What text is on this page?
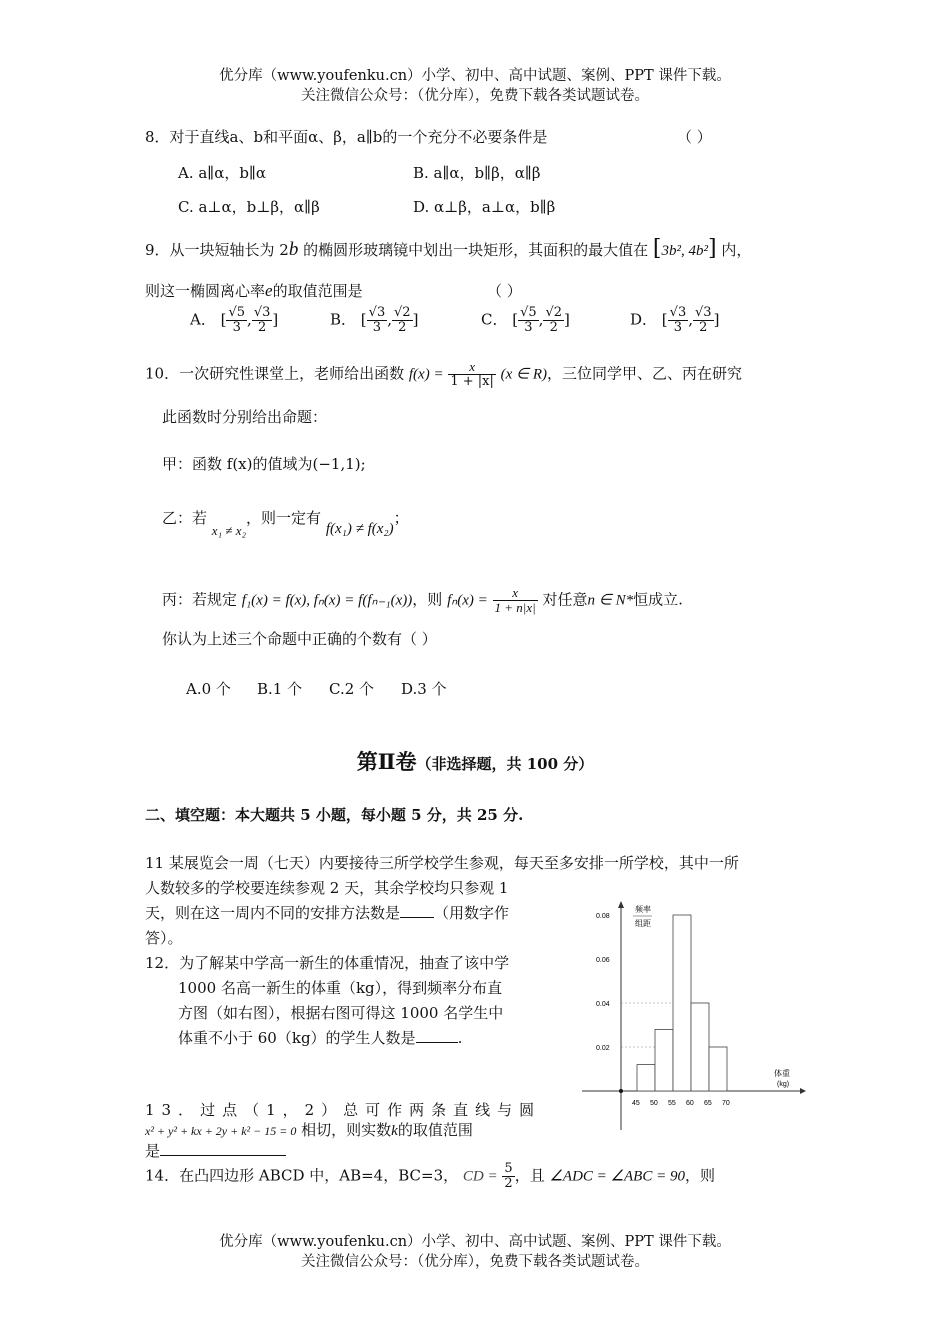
优分库（www.youfenku.cn）小学、初中、高中试题、案例、PPT 课件下载。
关注微信公众号：（优分库），免费下载各类试题试卷。
8．对于直线a、b和平面α、β，a∥b的一个充分不必要条件是	（ ）
A. a∥α，b∥α	B. a∥α，b∥β，α∥β
C. a⊥α，b⊥β，α∥β	D. α⊥β，a⊥α，b∥β
9．从一块短轴长为 2b 的椭圆形玻璃镜中划出一块矩形，其面积的最大值在 [3b², 4b²] 内，
则这一椭圆离心率e的取值范围是	（ ）
A． [ $\frac{√5}{3}$ , $\frac{√3}{2}$ ]	B． [ $\frac{√3}{3}$ , $\frac{√2}{2}$ ]	C． [ $\frac{√5}{3}$ , $\frac{√2}{2}$ ]	D． [ $\frac{√3}{3}$ , $\frac{√3}{2}$ ]
10．一次研究性课堂上，老师给出函数 $f(x) = \frac{x}{1 + |x|} (x$ ∈ R)，三位同学甲、乙、丙在研究
此函数时分别给出命题：
甲：函数 f(x)的值域为(−1,1);
乙：若 x₁ ≠ x₂，则一定有 f(x₁) ≠ f(x₂)；
丙：若规定 f₁(x) = f(x), fₙ(x) = f(fₙ₋₁(x))，则 $f_n(x) = \frac{x}{1 + n|x|}$ 对任意n ∈ N*恒成立.
你认为上述三个命题中正确的个数有（ ）
A.0 个 B.1 个 C.2 个 D.3 个
第Ⅱ卷（非选择题，共 100 分）
二、填空题：本大题共 5 小题，每小题 5 分，共 25 分.
11 某展览会一周（七天）内要接待三所学校学生参观，每天至多安排一所学校，其中一所
人数较多的学校要连续参观 2 天，其余学校均只参观 1
天，则在这一周内不同的安排方法数是 （用数字作
答）。
12．为了解某中学高一新生的体重情况，抽查了该中学
1000 名高一新生的体重（kg），得到频率分布直
方图（如右图），根据右图可得这 1000 名学生中
体重不小于 60（kg）的学生人数是	.
频率
组距
体重
(kg)
0.02
0.04
0.06
0.08
45 50 55 60 65 70
13．过点（1，2）总可作两条直线与圆
x² + y² + kx + 2y + k² − 15 = 0 相切，则实数k的取值范围
是
14．在凸四边形 ABCD 中，AB=4，BC=3， CD = $\frac{5}{2}$ ，且 ∠ADC = ∠ABC = 90，则
优分库（www.youfenku.cn）小学、初中、高中试题、案例、PPT 课件下载。
关注微信公众号：（优分库），免费下载各类试题试卷。
